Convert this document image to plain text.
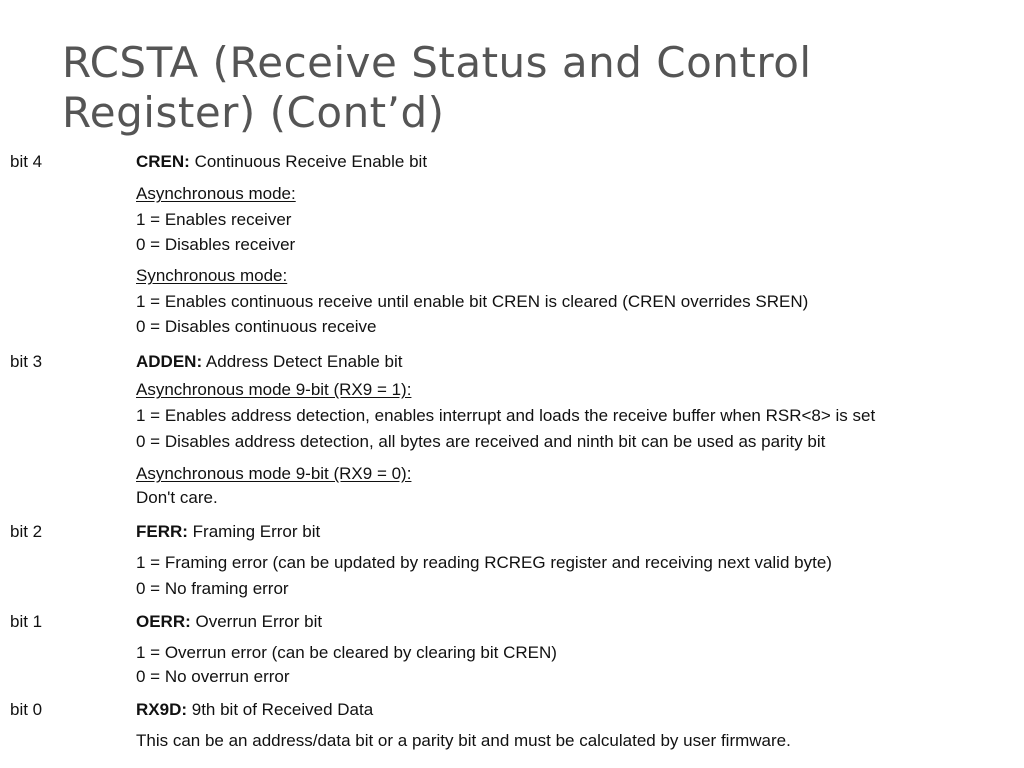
RCSTA (Receive Status and Control
Register) (Cont’d)
bit 4	CREN: Continuous Receive Enable bit
Asynchronous mode:
1 = Enables receiver
0 = Disables receiver
Synchronous mode:
1 = Enables continuous receive until enable bit CREN is cleared (CREN overrides SREN)
0 = Disables continuous receive
bit 3	ADDEN: Address Detect Enable bit
Asynchronous mode 9-bit (RX9 = 1):
1 = Enables address detection, enables interrupt and loads the receive buffer when RSR<8> is set
0 = Disables address detection, all bytes are received and ninth bit can be used as parity bit
Asynchronous mode 9-bit (RX9 = 0):
Don't care.
bit 2	FERR: Framing Error bit
1 = Framing error (can be updated by reading RCREG register and receiving next valid byte)
0 = No framing error
bit 1	OERR: Overrun Error bit
1 = Overrun error (can be cleared by clearing bit CREN)
0 = No overrun error
bit 0	RX9D: 9th bit of Received Data
This can be an address/data bit or a parity bit and must be calculated by user firmware.
